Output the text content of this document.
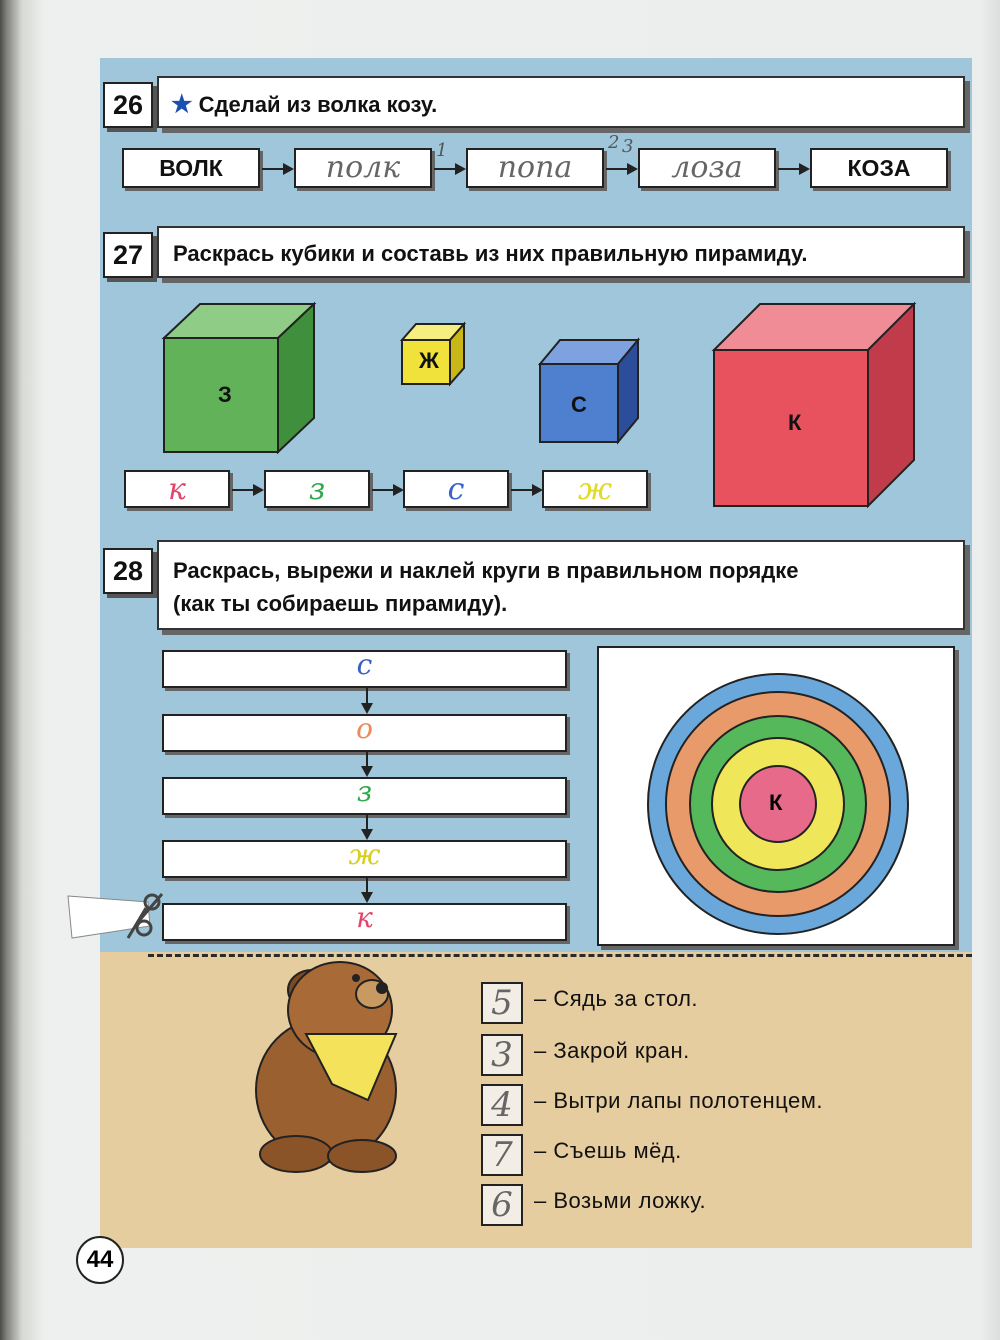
26	★ Сделай из волка козу.
ВОЛК	полк	попа	лоза	КОЗА
1	2 3
27	Раскрась кубики и составь из них правильную пирамиду.
З
Ж
С
К
к	з	с	ж
28	Раскрась, вырежи и наклей круги в правильном порядке
(как ты собираешь пирамиду).
с
о
з
ж
к
К
5 – Сядь за стол.
3 – Закрой кран.
4 – Вытри лапы полотенцем.
7 – Съешь мёд.
6 – Возьми ложку.
44
